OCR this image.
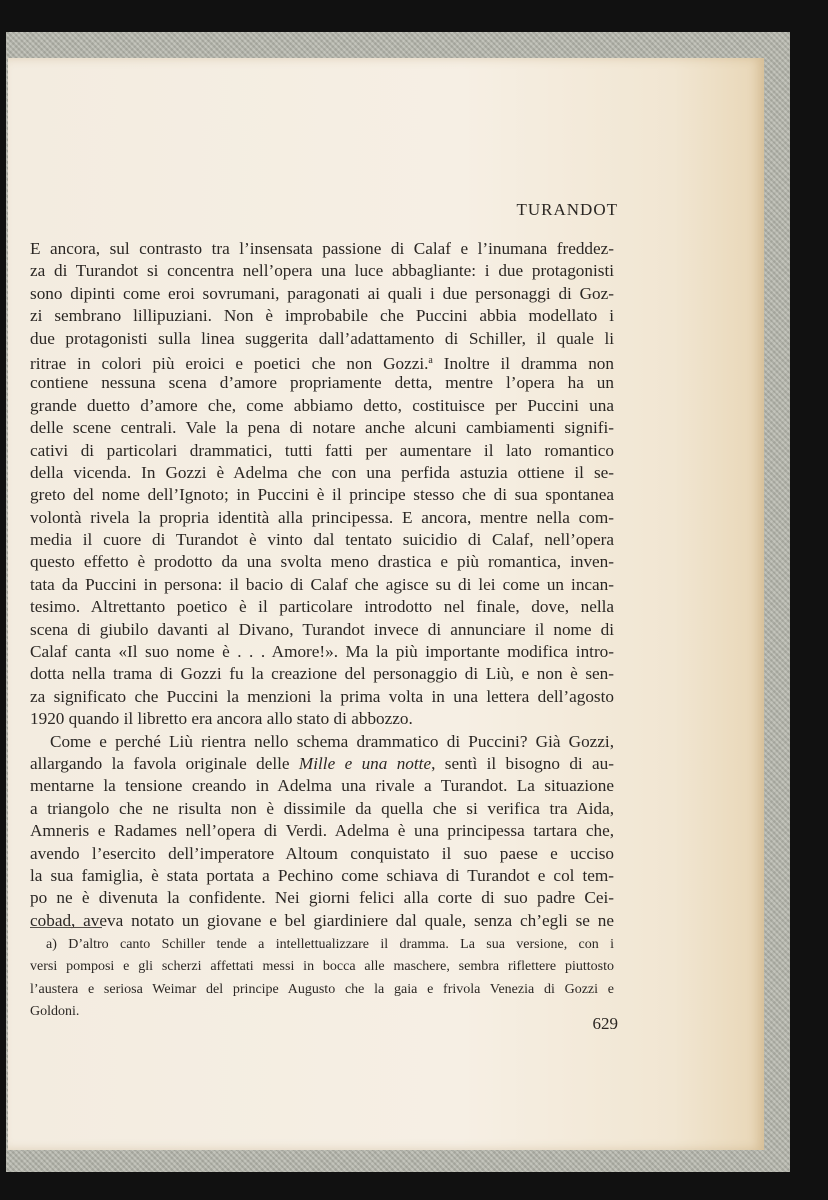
TURANDOT
E ancora, sul contrasto tra l’insensata passione di Calaf e l’inumana freddez-
za di Turandot si concentra nell’opera una luce abbagliante: i due protagonisti
sono dipinti come eroi sovrumani, paragonati ai quali i due personaggi di Goz-
zi sembrano lillipuziani. Non è improbabile che Puccini abbia modellato i
due protagonisti sulla linea suggerita dall’adattamento di Schiller, il quale li
ritrae in colori più eroici e poetici che non Gozzi.$^a$ Inoltre il dramma non
contiene nessuna scena d’amore propriamente detta, mentre l’opera ha un
grande duetto d’amore che, come abbiamo detto, costituisce per Puccini una
delle scene centrali. Vale la pena di notare anche alcuni cambiamenti signifi-
cativi di particolari drammatici, tutti fatti per aumentare il lato romantico
della vicenda. In Gozzi è Adelma che con una perfida astuzia ottiene il se-
greto del nome dell’Ignoto; in Puccini è il principe stesso che di sua spontanea
volontà rivela la propria identità alla principessa. E ancora, mentre nella com-
media il cuore di Turandot è vinto dal tentato suicidio di Calaf, nell’opera
questo effetto è prodotto da una svolta meno drastica e più romantica, inven-
tata da Puccini in persona: il bacio di Calaf che agisce su di lei come un incan-
tesimo. Altrettanto poetico è il particolare introdotto nel finale, dove, nella
scena di giubilo davanti al Divano, Turandot invece di annunciare il nome di
Calaf canta «Il suo nome è . . . Amore!». Ma la più importante modifica intro-
dotta nella trama di Gozzi fu la creazione del personaggio di Liù, e non è sen-
za significato che Puccini la menzioni la prima volta in una lettera dell’agosto
1920 quando il libretto era ancora allo stato di abbozzo.
Come e perché Liù rientra nello schema drammatico di Puccini? Già Gozzi,
allargando la favola originale delle Mille e una notte, sentì il bisogno di au-
mentarne la tensione creando in Adelma una rivale a Turandot. La situazione
a triangolo che ne risulta non è dissimile da quella che si verifica tra Aida,
Amneris e Radames nell’opera di Verdi. Adelma è una principessa tartara che,
avendo l’esercito dell’imperatore Altoum conquistato il suo paese e ucciso
la sua famiglia, è stata portata a Pechino come schiava di Turandot e col tem-
po ne è divenuta la confidente. Nei giorni felici alla corte di suo padre Cei-
cobad, aveva notato un giovane e bel giardiniere dal quale, senza ch’egli se ne
a) D’altro canto Schiller tende a intellettualizzare il dramma. La sua versione, con i
versi pomposi e gli scherzi affettati messi in bocca alle maschere, sembra riflettere piuttosto
l’austera e seriosa Weimar del principe Augusto che la gaia e frivola Venezia di Gozzi e
Goldoni.
629
